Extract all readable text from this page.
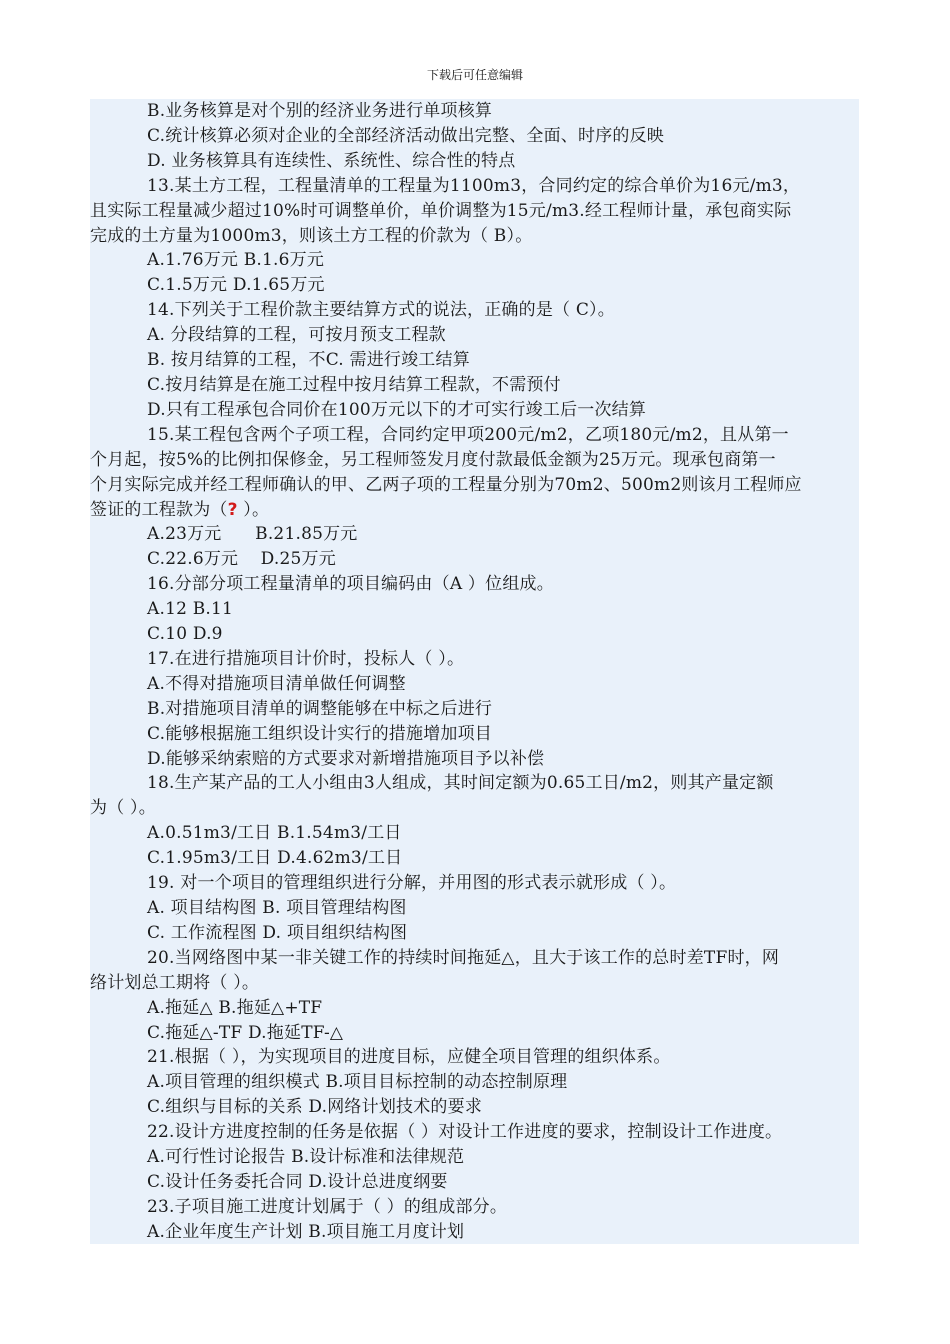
下载后可任意编辑
B.业务核算是对个别的经济业务进行单项核算
C.统计核算必须对企业的全部经济活动做出完整、全面、时序的反映
D. 业务核算具有连续性、系统性、综合性的特点
13.某土方工程，工程量清单的工程量为1100m3，合同约定的综合单价为16元/m3，
且实际工程量减少超过10%时可调整单价，单价调整为15元/m3.经工程师计量，承包商实际
完成的土方量为1000m3，则该土方工程的价款为（ B）。
A.1.76万元 B.1.6万元
C.1.5万元 D.1.65万元
14.下列关于工程价款主要结算方式的说法，正确的是（ C）。
A. 分段结算的工程，可按月预支工程款
B. 按月结算的工程，不C. 需进行竣工结算
C.按月结算是在施工过程中按月结算工程款，不需预付
D.只有工程承包合同价在100万元以下的才可实行竣工后一次结算
15.某工程包含两个子项工程，合同约定甲项200元/m2，乙项180元/m2，且从第一
个月起，按5%的比例扣保修金，另工程师签发月度付款最低金额为25万元。现承包商第一
个月实际完成并经工程师确认的甲、乙两子项的工程量分别为70m2、500m2则该月工程师应
签证的工程款为（? ）。
A.23万元      B.21.85万元
C.22.6万元    D.25万元
16.分部分项工程量清单的项目编码由（A ）位组成。
A.12 B.11
C.10 D.9
17.在进行措施项目计价时，投标人（ ）。
A.不得对措施项目清单做任何调整
B.对措施项目清单的调整能够在中标之后进行
C.能够根据施工组织设计实行的措施增加项目
D.能够采纳索赔的方式要求对新增措施项目予以补偿
18.生产某产品的工人小组由3人组成，其时间定额为0.65工日/m2，则其产量定额
为（ ）。
A.0.51m3/工日 B.1.54m3/工日
C.1.95m3/工日 D.4.62m3/工日
19. 对一个项目的管理组织进行分解，并用图的形式表示就形成（ ）。
A. 项目结构图 B. 项目管理结构图
C. 工作流程图 D. 项目组织结构图
20.当网络图中某一非关键工作的持续时间拖延△，且大于该工作的总时差TF时，网
络计划总工期将（ ）。
A.拖延△ B.拖延△+TF
C.拖延△-TF D.拖延TF-△
21.根据（ ），为实现项目的进度目标，应健全项目管理的组织体系。
A.项目管理的组织模式 B.项目目标控制的动态控制原理
C.组织与目标的关系 D.网络计划技术的要求
22.设计方进度控制的任务是依据（ ）对设计工作进度的要求，控制设计工作进度。
A.可行性讨论报告 B.设计标准和法律规范
C.设计任务委托合同 D.设计总进度纲要
23.子项目施工进度计划属于（ ）的组成部分。
A.企业年度生产计划 B.项目施工月度计划
